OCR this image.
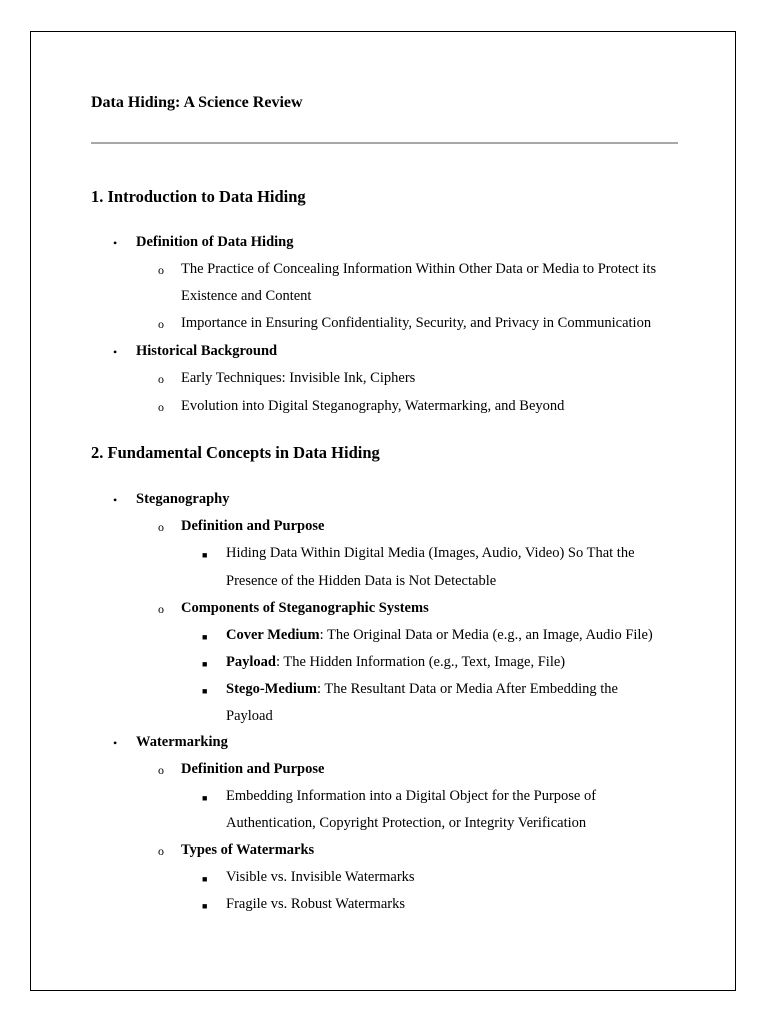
Data Hiding: A Science Review
1. Introduction to Data Hiding
• Definition of Data Hiding
o The Practice of Concealing Information Within Other Data or Media to Protect its
Existence and Content
o Importance in Ensuring Confidentiality, Security, and Privacy in Communication
• Historical Background
o Early Techniques: Invisible Ink, Ciphers
o Evolution into Digital Steganography, Watermarking, and Beyond
2. Fundamental Concepts in Data Hiding
• Steganography
o Definition and Purpose
■ Hiding Data Within Digital Media (Images, Audio, Video) So That the
Presence of the Hidden Data is Not Detectable
o Components of Steganographic Systems
■ Cover Medium: The Original Data or Media (e.g., an Image, Audio File)
■ Payload: The Hidden Information (e.g., Text, Image, File)
■ Stego-Medium: The Resultant Data or Media After Embedding the
Payload
• Watermarking
o Definition and Purpose
■ Embedding Information into a Digital Object for the Purpose of
Authentication, Copyright Protection, or Integrity Verification
o Types of Watermarks
■ Visible vs. Invisible Watermarks
■ Fragile vs. Robust Watermarks
